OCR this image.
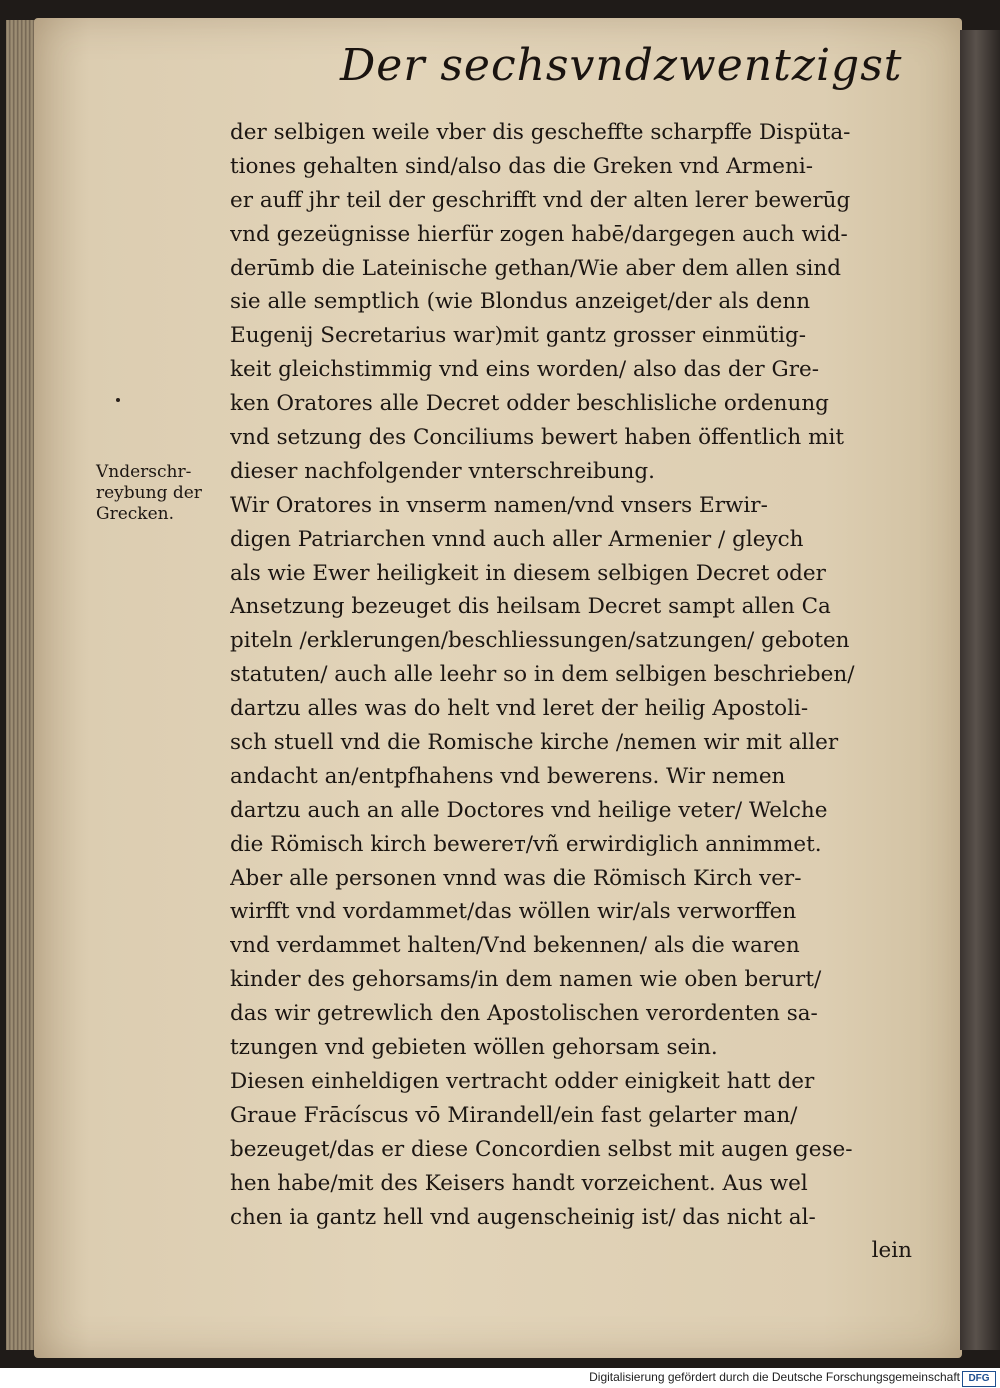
Der sechsvndzwentzigst
Vnderschr-
reybung der
Grecken.
der selbigen weile vber dis gescheffte scharpffe Dispüta-
tiones gehalten sind/also das die Greken vnd Armeni-
er auff jhr teil der geschrifft vnd der alten lerer bewerūg
vnd gezeügnisse hierfür zogen habē/dargegen auch wid-
derūmb die Lateinische gethan/Wie aber dem allen sind
sie alle semptlich (wie Blondus anzeiget/der als denn
Eugenij Secretarius war)mit gantz grosser einmütig-
keit gleichstimmig vnd eins worden/ also das der Gre-
ken Oratores alle Decret odder beschlisliche ordenung
vnd setzung des Conciliums bewert haben öffentlich mit
dieser nachfolgender vnterschreibung.
Wir Oratores in vnserm namen/vnd vnsers Erwir-
digen Patriarchen vnnd auch aller Armenier / gleych
als wie Ewer heiligkeit in diesem selbigen Decret oder
Ansetzung bezeuget dis heilsam Decret sampt allen Ca
piteln /erklerungen/beschliessungen/satzungen/ geboten
statuten/ auch alle leehr so in dem selbigen beschrieben/
dartzu alles was do helt vnd leret der heilig Apostoli-
sch stuell vnd die Romische kirche /nemen wir mit aller
andacht an/entpfhahens vnd bewerens. Wir nemen
dartzu auch an alle Doctores vnd heilige veter/ Welche
die Römisch kirch bewerет/vñ erwirdiglich annimmet.
Aber alle personen vnnd was die Römisch Kirch ver-
wirfft vnd vordammet/das wöllen wir/als verworffen
vnd verdammet halten/Vnd bekennen/ als die waren
kinder des gehorsams/in dem namen wie oben berurt/
das wir getrewlich den Apostolischen verordenten sa-
tzungen vnd gebieten wöllen gehorsam sein.
Diesen einheldigen vertracht odder einigkeit hatt der
Graue Frācíscus vō Mirandell/ein fast gelarter man/
bezeuget/das er diese Concordien selbst mit augen gese-
hen habe/mit des Keisers handt vorzeichent. Aus wel
chen ia gantz hell vnd augenscheinig ist/ das nicht al-
lein
Digitalisierung gefördert durch die Deutsche Forschungsgemeinschaft DFG
